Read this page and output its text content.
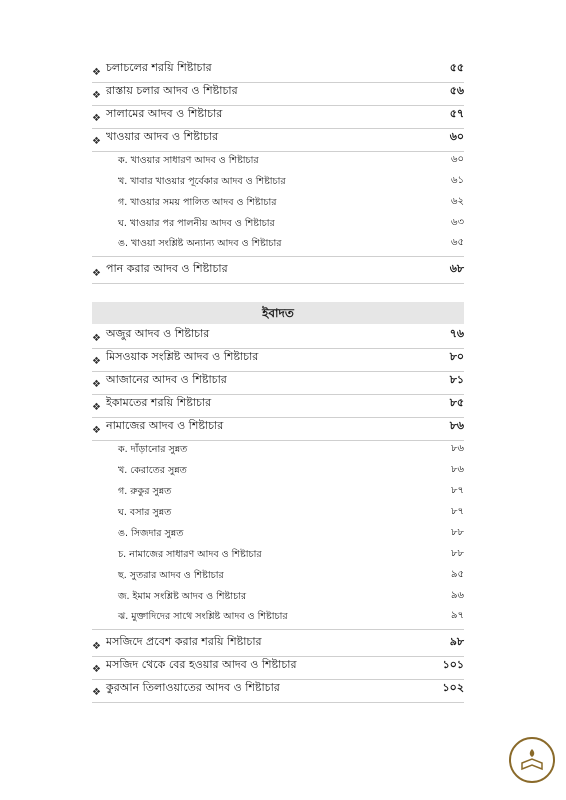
❖ চলাচলের শরয়ি শিষ্টাচার	৫৫
❖ রাস্তায় চলার আদব ও শিষ্টাচার	৫৬
❖ সালামের আদব ও শিষ্টাচার	৫৭
❖ খাওয়ার আদব ও শিষ্টাচার	৬০
ক. খাওয়ার সাধারণ আদব ও শিষ্টাচার	৬০
খ. খাবার খাওয়ার পূর্বেকার আদব ও শিষ্টাচার	৬১
গ. খাওয়ার সময় পালিত আদব ও শিষ্টাচার	৬২
ঘ. খাওয়ার পর পালনীয় আদব ও শিষ্টাচার	৬৩
ঙ. খাওয়া সংশ্লিষ্ট অন্যান্য আদব ও শিষ্টাচার	৬৫
❖ পান করার আদব ও শিষ্টাচার	৬৮
ইবাদত
❖ অজুর আদব ও শিষ্টাচার	৭৬
❖ মিসওয়াক সংশ্লিষ্ট আদব ও শিষ্টাচার	৮০
❖ আজানের আদব ও শিষ্টাচার	৮১
❖ ইকামতের শরয়ি শিষ্টাচার	৮৫
❖ নামাজের আদব ও শিষ্টাচার	৮৬
ক. দাঁড়ানোর সুন্নত	৮৬
খ. কেরাতের সুন্নত	৮৬
গ. রুকুর সুন্নত	৮৭
ঘ. বসার সুন্নত	৮৭
ঙ. সিজদার সুন্নত	৮৮
চ. নামাজের সাধারণ আদব ও শিষ্টাচার	৮৮
ছ. সুতরার আদব ও শিষ্টাচার	৯৫
জ. ইমাম সংশ্লিষ্ট আদব ও শিষ্টাচার	৯৬
ঝ. মুক্তাদিদের সাথে সংশ্লিষ্ট আদব ও শিষ্টাচার	৯৭
❖ মসজিদে প্রবেশ করার শরয়ি শিষ্টাচার	৯৮
❖ মসজিদ থেকে বের হওয়ার আদব ও শিষ্টাচার	১০১
❖ কুরআন তিলাওয়াতের আদব ও শিষ্টাচার	১০২
